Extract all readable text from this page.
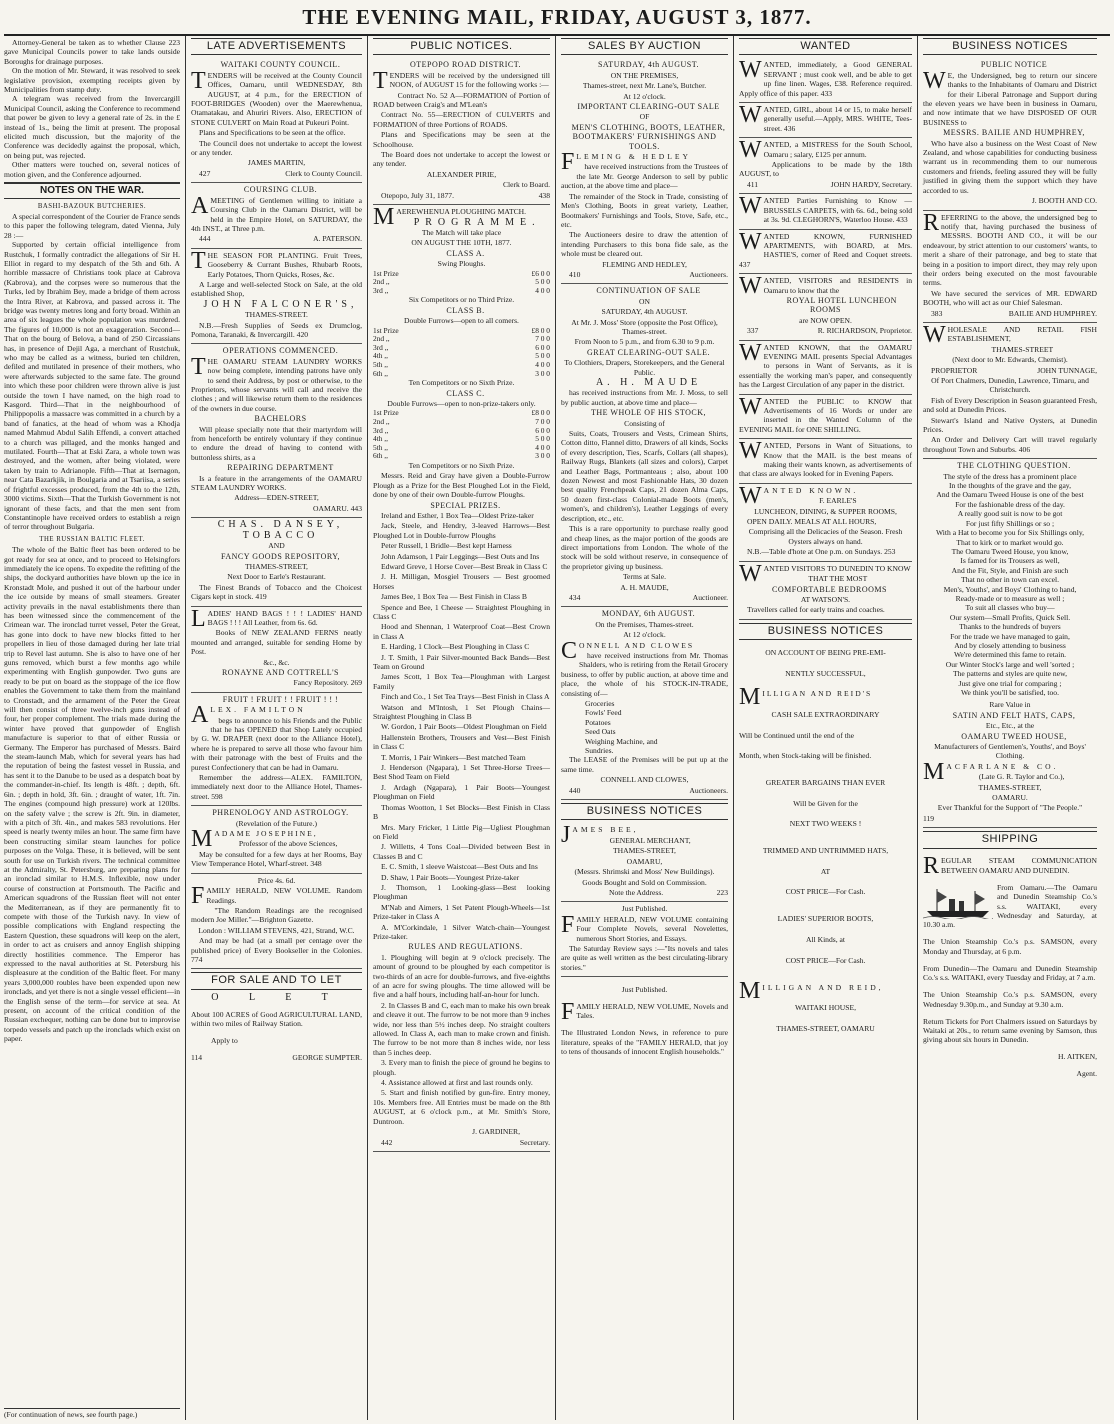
THE EVENING MAIL, FRIDAY, AUGUST 3, 1877.

Attorney-General be taken as to whether Clause 223 gave Municipal Councils power to take lands outside Boroughs for drainage purposes.

On the motion of Mr. Steward, it was resolved to seek legislative provision, exempting receipts given by Municipalities from stamp duty.

A telegram was received from the Invercargill Municipal Council, asking the Conference to recommend that power be given to levy a general rate of 2s. in the £ instead of 1s., being the limit at present. The proposal elicited much discussion, but the majority of the Conference was decidedly against the proposal, which, on being put, was rejected.

Other matters were touched on, several notices of motion given, and the Conference adjourned.

NOTES ON THE WAR.
BASHI-BAZOUK BUTCHERIES.

A special correspondent of the Courier de France sends to this paper the following telegram, dated Vienna, July 28 :—

Supported by certain official intelligence from Rustchuk, I formally contradict the allegations of Sir H. Elliot in regard to my despatch of the 5th and 6th. A horrible massacre of Christians took place at Cabrova (Kabrova), and the corpses were so numerous that the Turks, led by Ibrahim Bey, made a bridge of them across the Intra River, at Kabrova, and passed across it. The bridge was twenty metres long and forty broad. Within an area of six leagues the whole population was murdered. The figures of 10,000 is not an exaggeration. Second—That on the bourg of Belova, a band of 250 Circassians has, in presence of Dejil Aga, a merchant of Rustchuk, who may be called as a witness, buried ten children, defiled and mutilated in presence of their mothers, who were afterwards subjected to the same fate. The ground into which these poor children were thrown alive is just outside the town I have named, on the high road to Kasgord. Third—That in the neighbourhood of Philippopolis a massacre was committed in a church by a band of fanatics, at the head of whom was a Khodja named Mahmud Abdul Salih Effendi, a convert attached to a church was pillaged, and the monks hanged and mutilated. Fourth—That at Eski Zara, a whole town was destroyed, and the women, after being violated, were taken by train to Adrianople. Fifth—That at Isernagon, near Cata Bazarkjik, in Boulgaria and at Tsariisa, a series of frightful excesses produced, from the 4th to the 12th, 3000 victims. Sixth—That the Turkish Government is not ignorant of these facts, and that the men sent from Constantinople have received orders to establish a reign of terror throughout Bulgaria.

THE RUSSIAN BALTIC FLEET.

The whole of the Baltic fleet has been ordered to be got ready for sea at once, and to proceed to Helsingfors immediately the ice opens. To expedite the refitting of the ships, the dockyard authorities have blown up the ice in Kronstadt Mole, and pushed it out of the harbour under the ice outside by means of small steamers. Greater activity prevails in the naval establishments there than has been witnessed since the commencement of the Crimean war. The ironclad turret vessel, Peter the Great, has gone into dock to have new blocks fitted to her propellers in lieu of those damaged during her late trial trip to Revel last autumn. She is also to have one of her guns removed, which burst a few months ago while experimenting with English gunpowder. Two guns are ready to be put on board as the stoppage of the ice flow enables the Government to take them from the mainland to Cronstadt, and the armament of the Peter the Great will then consist of three twelve-inch guns instead of four, her proper complement. The trials made during the winter have proved that gunpowder of English manufacture is superior to that of either Russia or Germany. The Emperor has purchased of Messrs. Baird the steam-launch Mab, which for several years has had the reputation of being the fastest vessel in Russia, and has sent it to the Danube to be used as a despatch boat by the commander-in-chief. Its length is 48ft. ; depth, 6ft. 6in. ; depth in hold, 3ft. 6in. ; draught of water, 1ft. 7in. The engines (compound high pressure) work at 120lbs. on the safety valve ; the screw is 2ft. 9in. in diameter, with a pitch of 3ft. 4in., and makes 583 revolutions. Her speed is nearly twenty miles an hour. The same firm have been constructing similar steam launches for police purposes on the Volga. These, it is believed, will be sent south for use on Turkish rivers. The technical committee at the Admiralty, St. Petersburg, are preparing plans for an ironclad similar to H.M.S. Inflexible, now under course of construction at Portsmouth. The Pacific and American squadrons of the Russian fleet will not enter the Mediterranean, as if they are permanently fit to compete with those of the Turkish navy. In view of possible complications with England respecting the Eastern Question, these squadrons will keep on the alert, in order to act as cruisers and annoy English shipping directly hostilities commence. The Emperor has expressed to the naval authorities at St. Petersburg his displeasure at the condition of the Baltic fleet. For many years 3,000,000 roubles have been expended upon new ironclads, and yet there is not a single vessel efficient—in the English sense of the term—for service at sea. At present, on account of the critical condition of the Russian exchequer, nothing can be done but to improvise torpedo vessels and patch up the ironclads which exist on paper.

(For continuation of news, see fourth page.)
LATE ADVERTISEMENTS

WAITAKI COUNTY COUNCIL.

TENDERS will be received at the County Council Offices, Oamaru, until WEDNESDAY, 8th AUGUST, at 4 p.m., for the ERECTION of FOOT-BRIDGES (Wooden) over the Maerewhenua, Otamatakau, and Ahuriri Rivers. Also, ERECTION of STONE CULVERT on Main Road at Pukeuri Point.

Plans and Specifications to be seen at the office.

The Council does not undertake to accept the lowest or any tender.

JAMES MARTIN,

427	Clerk to County Council.

COURSING CLUB.

AMEETING of Gentlemen willing to initiate a Coursing Club in the Oamaru District, will be held in the Empire Hotel, on SATURDAY, the 4th INST., at Three p.m.

444	A. PATERSON.

THE SEASON FOR PLANTING. Fruit Trees, Gooseberry & Currant Bushes, Rhubarb Roots, Early Potatoes, Thorn Quicks, Roses, &c.

A Large and well-selected Stock on Sale, at the old established Shop,

JOHN FALCONER'S,

THAMES-STREET.

N.B.—Fresh Supplies of Seeds ex Drumclog, Pomona, Taranaki, & Invercargill. 420

OPERATIONS COMMENCED.

THE OAMARU STEAM LAUNDRY WORKS now being complete, intending patrons have only to send their Address, by post or otherwise, to the Proprietors, whose servants will call and receive the clothes ; and will likewise return them to the residences of the owners in due course.

BACHELORS

Will please specially note that their martyrdom will from henceforth be entirely voluntary if they continue to endure the dread of having to contend with buttonless shirts, as a

REPAIRING DEPARTMENT

Is a feature in the arrangements of the OAMARU STEAM LAUNDRY WORKS.

Address—EDEN-STREET,

OAMARU. 443

CHAS. DANSEY,

TOBACCO

AND

FANCY GOODS REPOSITORY,

THAMES-STREET,

Next Door to Earle's Restaurant.

The Finest Brands of Tobacco and the Choicest Cigars kept in stock. 419

LADIES' HAND BAGS ! ! ! LADIES' HAND BAGS ! ! ! All Leather, from 6s. 6d.

Books of NEW ZEALAND FERNS neatly mounted and arranged, suitable for sending Home by Post.

&c., &c.

RONAYNE AND COTTRELL'S

Fancy Repository. 269

FRUIT ! FRUIT ! ! FRUIT ! ! !

ALEX. FAMILTON

begs to announce to his Friends and the Public that he has OPENED that Shop Lately occupied by G. W. DRAPER (next door to the Alliance Hotel), where he is prepared to serve all those who favour him with their patronage with the best of Fruits and the purest Confectionery that can be had in Oamaru.

Remember the address—ALEX. FAMILTON, immediately next door to the Alliance Hotel, Thames-street. 598

PHRENOLOGY AND ASTROLOGY.

(Revelation of the Future.)

MADAME JOSEPHINE,

Professor of the above Sciences,

May be consulted for a few days at her Rooms, Bay View Temperance Hotel, Wharf-street. 348

Price 4s. 6d.

FAMILY HERALD, NEW VOLUME. Random Readings.

"The Random Readings are the recognised modern Joe Miller."—Brighton Gazette.

London : WILLIAM STEVENS, 421, Strand, W.C.

And may be had (at a small per centage over the published price) of Every Bookseller in the Colonies. 774

FOR SALE AND TO LET

O L E T

About 100 ACRES of Good AGRICULTURAL LAND, within two miles of Railway Station.

Apply to

114	GEORGE SUMPTER.

PUBLIC NOTICES.

OTEPOPO ROAD DISTRICT.

TENDERS will be received by the undersigned till NOON, of AUGUST 15 for the following works :—

Contract No. 52 A—FORMATION of Portion of ROAD between Craig's and M'Lean's

Contract No. 55—ERECTION of CULVERTS and FORMATION of three Portions of ROADS.

Plans and Specifications may be seen at the Schoolhouse.

The Board does not undertake to accept the lowest or any tender.

ALEXANDER PIRIE,

Clerk to Board.

Otepopo, July 31, 1877.	438

MAEREWHENUA PLOUGHING MATCH.

PROGRAMME.

The Match will take place

ON AUGUST THE 10TH, 1877.

CLASS A.

Swing Ploughs.

1st Prize	£6 0 0
2nd ,,	5 0 0
3rd ,,	4 0 0

Six Competitors or no Third Prize.

CLASS B.

Double Furrows—open to all comers.

1st Prize	£8 0 0
2nd ,,	7 0 0
3rd ,,	6 0 0
4th ,,	5 0 0
5th ,,	4 0 0
6th ,,	3 0 0

Ten Competitors or no Sixth Prize.

CLASS C.

Double Furrows—open to non-prize-takers only.

1st Prize	£8 0 0
2nd ,,	7 0 0
3rd ,,	6 0 0
4th ,,	5 0 0
5th ,,	4 0 0
6th ,,	3 0 0

Ten Competitors or no Sixth Prize.

Messrs. Reid and Gray have given a Double-Furrow Plough as a Prize for the Best Ploughed Lot in the Field, done by one of their own Double-furrow Ploughs.

SPECIAL PRIZES.

Ireland and Esther, 1 Box Tea—Oldest Prize-taker

Jack, Steele, and Hendry, 3-leaved Harrows—Best Ploughed Lot in Double-furrow Ploughs

Peter Russell, 1 Bridle—Best kept Harness

John Adamson, 1 Pair Leggings—Best Outs and Ins

Edward Greve, 1 Horse Cover—Best Break in Class C

J. H. Milligan, Mosgiel Trousers — Best groomed Horses

James Bee, 1 Box Tea — Best Finish in Class B

Spence and Bee, 1 Cheese — Straightest Ploughing in Class C

Hood and Shennan, 1 Waterproof Coat—Best Crown in Class A

E. Harding, 1 Clock—Best Ploughing in Class C

J. T. Smith, 1 Pair Silver-mounted Back Bands—Best Team on Ground

James Scott, 1 Box Tea—Ploughman with Largest Family

Finch and Co., 1 Set Tea Trays—Best Finish in Class A

Watson and M'Intosh, 1 Set Plough Chains—Straightest Ploughing in Class B

W. Gordon, 1 Pair Boots—Oldest Ploughman on Field

Hallenstein Brothers, Trousers and Vest—Best Finish in Class C

T. Morris, 1 Pair Winkers—Best matched Team

J. Henderson (Ngapara), 1 Set Three-Horse Trees—Best Shod Team on Field

J. Ardagh (Ngapara), 1 Pair Boots—Youngest Ploughman on Field

Thomas Wootton, 1 Set Blocks—Best Finish in Class B

Mrs. Mary Fricker, 1 Little Pig—Ugliest Ploughman on Field

J. Willetts, 4 Tons Coal—Divided between Best in Classes B and C

E. C. Smith, 1 sleeve Waistcoat—Best Outs and Ins

D. Shaw, 1 Pair Boots—Youngest Prize-taker

J. Thomson, 1 Looking-glass—Best looking Ploughman

M'Nab and Aimers, 1 Set Patent Plough-Wheels—1st Prize-taker in Class A

A. M'Corkindale, 1 Silver Watch-chain—Youngest Prize-taker.

RULES AND REGULATIONS.

1. Ploughing will begin at 9 o'clock precisely. The amount of ground to be ploughed by each competitor is two-thirds of an acre for double-furrows, and five-eighths of an acre for swing ploughs. The time allowed will be five and a half hours, including half-an-hour for lunch.

2. In Classes B and C, each man to make his own break and cleave it out. The furrow to be not more than 9 inches wide, nor less than 5½ inches deep. No straight coulters allowed. In Class A, each man to make crown and finish. The furrow to be not more than 8 inches wide, nor less than 5 inches deep.

3. Every man to finish the piece of ground he begins to plough.

4. Assistance allowed at first and last rounds only.

5. Start and finish notified by gun-fire. Entry money, 10s. Members free. All Entries must be made on the 8th AUGUST, at 6 o'clock p.m., at Mr. Smith's Store, Duntroon.

J. GARDINER,

442	Secretary.

SALES BY AUCTION

SATURDAY, 4th AUGUST.

ON THE PREMISES,

Thames-street, next Mr. Lane's, Butcher.

At 12 o'clock.

IMPORTANT CLEARING-OUT SALE

OF

MEN'S CLOTHING, BOOTS, LEATHER, BOOTMAKERS' FURNISHINGS AND TOOLS.

FLEMING & HEDLEY

have received instructions from the Trustees of the late Mr. George Anderson to sell by public auction, at the above time and place—

The remainder of the Stock in Trade, consisting of Men's Clothing, Boots in great variety, Leather, Bootmakers' Furnishings and Tools, Stove, Safe, etc., etc.

The Auctioneers desire to draw the attention of intending Purchasers to this bona fide sale, as the whole must be cleared out.

FLEMING AND HEDLEY,

410	Auctioneers.

CONTINUATION OF SALE

ON

SATURDAY, 4th AUGUST.

At Mr. J. Moss' Store (opposite the Post Office), Thames-street.

From Noon to 5 p.m., and from 6.30 to 9 p.m.

GREAT CLEARING-OUT SALE.

To Clothiers, Drapers, Storekeepers, and the General Public.

A. H. MAUDE

has received instructions from Mr. J. Moss, to sell by public auction, at above time and place—

THE WHOLE OF HIS STOCK,

Consisting of

Suits, Coats, Trousers and Vests, Crimean Shirts, Cotton ditto, Flannel ditto, Drawers of all kinds, Socks of every description, Ties, Scarfs, Collars (all shapes), Railway Rugs, Blankets (all sizes and colors), Carpet and Leather Bags, Portmanteaus ; also, about 100 dozen Newest and most Fashionable Hats, 30 dozen best quality Frenchpeak Caps, 21 dozen Alma Caps, 50 dozen first-class Colonial-made Boots (men's, women's, and children's), Leather Leggings of every description, etc., etc.

This is a rare opportunity to purchase really good and cheap lines, as the major portion of the goods are direct importations from London. The whole of the stock will be sold without reserve, in consequence of the proprietor giving up business.

Terms at Sale.

A. H. MAUDE,

434	Auctioneer.

MONDAY, 6th AUGUST.

On the Premises, Thames-street.

At 12 o'clock.

CONNELL AND CLOWES

have received instructions from Mr. Thomas Shalders, who is retiring from the Retail Grocery business, to offer by public auction, at above time and place, the whole of his STOCK-IN-TRADE, consisting of—

Groceries

Fowls' Feed

Potatoes

Seed Oats

Weighing Machine, and

Sundries.

The LEASE of the Premises will be put up at the same time.

CONNELL AND CLOWES,

440	Auctioneers.

BUSINESS NOTICES

JAMES BEE,

GENERAL MERCHANT,

THAMES-STREET,

OAMARU,

(Messrs. Shrimski and Moss' New Buildings).

Goods Bought and Sold on Commission.

Note the Address.	223

Just Published.

FAMILY HERALD, NEW VOLUME containing Four Complete Novels, several Novelettes, numerous Short Stories, and Essays.

The Saturday Review says :—"Its novels and tales are quite as well written as the best circulating-library stories."

Just Published.

FAMILY HERALD, NEW VOLUME, Novels and Tales.

The Illustrated London News, in reference to pure literature, speaks of the "FAMILY HERALD, that joy to tens of thousands of innocent English households."

WANTED

WANTED, immediately, a Good GENERAL SERVANT ; must cook well, and be able to get up fine linen. Wages, £38. Reference required. Apply office of this paper. 433

WANTED, GIRL, about 14 or 15, to make herself generally useful.—Apply, MRS. WHITE, Tees-street. 436

WANTED, a MISTRESS for the South School, Oamaru ; salary, £125 per annum.

Applications to be made by the 18th AUGUST, to

411	JOHN HARDY, Secretary.

WANTED Parties Furnishing to Know —BRUSSELS CARPETS, with 6s. 6d., being sold at 3s. 9d. CLEGHORN'S, Waterloo House. 433

WANTED KNOWN, FURNISHED APARTMENTS, with BOARD, at Mrs. HASTIE'S, corner of Reed and Coquet streets. 437

WANTED, VISITORS and RESIDENTS in Oamaru to know that the

ROYAL HOTEL LUNCHEON ROOMS

are NOW OPEN.

337	R. RICHARDSON, Proprietor.

WANTED KNOWN, that the OAMARU EVENING MAIL presents Special Advantages to persons in Want of Servants, as it is essentially the working man's paper, and consequently has the Largest Circulation of any paper in the district.

WANTED the PUBLIC to KNOW that Advertisements of 16 Words or under are inserted in the Wanted Column of the EVENING MAIL for ONE SHILLING.

WANTED, Persons in Want of Situations, to Know that the MAIL is the best means of making their wants known, as advertisements of that class are always looked for in Evening Papers.

WANTED KNOWN.

F. EARLE'S

LUNCHEON, DINING, & SUPPER ROOMS,

OPEN DAILY. MEALS AT ALL HOURS,

Comprising all the Delicacies of the Season. Fresh Oysters always on hand.

N.B.—Table d'hote at One p.m. on Sundays. 253

WANTED VISITORS TO DUNEDIN TO KNOW

THAT THE MOST

COMFORTABLE BEDROOMS

AT WATSON'S.

Travellers called for early trains and coaches.

BUSINESS NOTICES

ON ACCOUNT OF BEING PRE-EMI-

NENTLY SUCCESSFUL,

MILLIGAN AND REID'S

CASH SALE EXTRAORDINARY

Will be Continued until the end of the

Month, when Stock-taking will be finished.

GREATER BARGAINS THAN EVER

Will be Given for the

NEXT TWO WEEKS !

TRIMMED AND UNTRIMMED HATS,

AT

COST PRICE—For Cash.

LADIES' SUPERIOR BOOTS,

All Kinds, at

COST PRICE—For Cash.

MILLIGAN AND REID,

WAITAKI HOUSE,

THAMES-STREET, OAMARU

BUSINESS NOTICES

PUBLIC NOTICE

W E, the Undersigned, beg to return our sincere thanks to the Inhabitants of Oamaru and District for their Liberal Patronage and Support during the eleven years we have been in business in Oamaru, and now intimate that we have DISPOSED OF OUR BUSINESS to

MESSRS. BAILIE AND HUMPHREY,

Who have also a business on the West Coast of New Zealand, and whose capabilities for conducting business warrant us in recommending them to our numerous customers and friends, feeling assured they will be fully justified in giving them the support which they have accorded to us.

J. BOOTH AND CO.

REFERRING to the above, the undersigned beg to notify that, having purchased the business of MESSRS. BOOTH AND CO., it will be our endeavour, by strict attention to our customers' wants, to merit a share of their patronage, and beg to state that being in a position to import direct, they may rely upon their orders being executed on the most favourable terms.

We have secured the services of MR. EDWARD BOOTH, who will act as our Chief Salesman.

383	BAILIE AND HUMPHREY.

WHOLESALE AND RETAIL FISH ESTABLISHMENT,

THAMES-STREET

(Next door to Mr. Edwards, Chemist).

PROPRIETOR	JOHN TUNNAGE,

Of Port Chalmers, Dunedin, Lawrence, Timaru, and Christchurch.

Fish of Every Description in Season guaranteed Fresh, and sold at Dunedin Prices.

Stewart's Island and Native Oysters, at Dunedin Prices.

An Order and Delivery Cart will travel regularly throughout Town and Suburbs. 406

THE CLOTHING QUESTION.

The style of the dress has a prominent place

In the thoughts of the grave and the gay,

And the Oamaru Tweed House is one of the best

For the fashionable dress of the day.

A really good suit is now to be got

For just fifty Shillings or so ;

With a Hat to become you for Six Shillings only,

That to kirk or to market would go.

The Oamaru Tweed House, you know,

Is famed for its Trousers as well,

And the Fit, Style, and Finish are such

That no other in town can excel.

Men's, Youths', and Boys' Clothing to hand,

Ready-made or to measure as well ;

To suit all classes who buy—

Our system—Small Profits, Quick Sell.

Thanks to the hundreds of buyers

For the trade we have managed to gain,

And by closely attending to business

We're determined this fame to retain.

Our Winter Stock's large and well 'sorted ;

The patterns and styles are quite new,

Just give one trial for comparing ;

We think you'll be satisfied, too.

Rare Value in

SATIN AND FELT HATS, CAPS,

Etc., Etc., at the

OAMARU TWEED HOUSE,

Manufacturers of Gentlemen's, Youths', and Boys' Clothing.

MACFARLANE & CO.

(Late G. R. Taylor and Co.),

THAMES-STREET,

OAMARU.

Ever Thankful for the Support of "The People."

119

SHIPPING

REGULAR STEAM COMMUNICATION BETWEEN OAMARU AND DUNEDIN.

From Oamaru.—The Oamaru and Dunedin Steamship Co.'s s.s. WAITAKI, every Wednesday and Saturday, at 10.30 a.m.

The Union Steamship Co.'s p.s. SAMSON, every Monday and Thursday, at 6 p.m.

From Dunedin—The Oamaru and Dunedin Steamship Co.'s s.s. WAITAKI, every Tuesday and Friday, at 7 a.m.

The Union Steamship Co.'s p.s. SAMSON, every Wednesday 9.30p.m., and Sunday at 9.30 a.m.

Return Tickets for Port Chalmers issued on Saturdays by Waitaki at 20s., to return same evening by Samson, thus giving about six hours in Dunedin.

H. AITKEN,

Agent.
